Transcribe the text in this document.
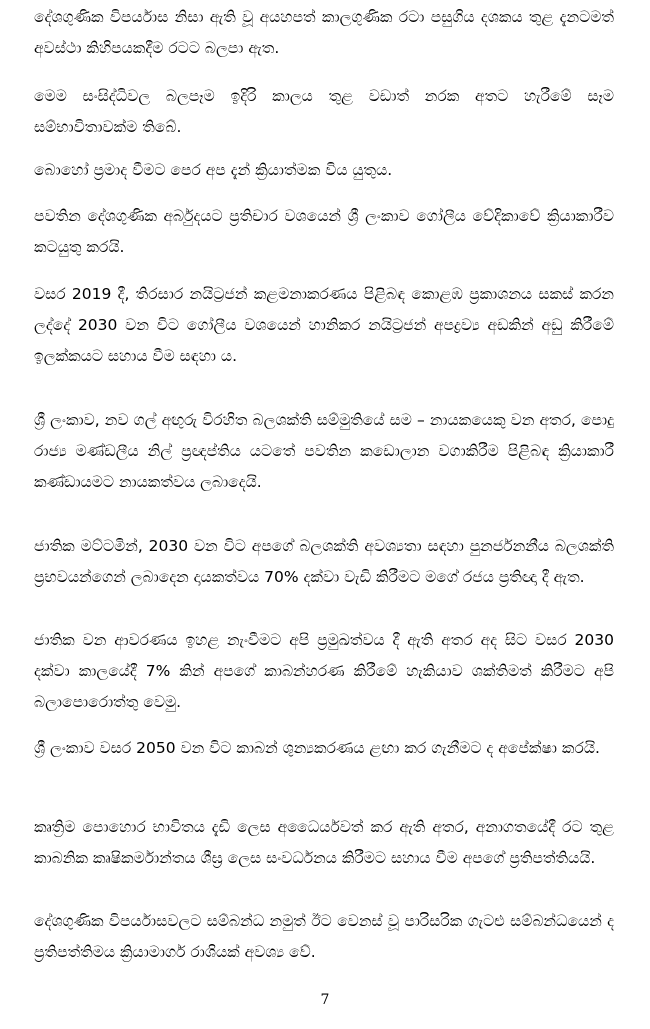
දේශගුණික විපර්යාස නිසා ඇති වූ අයහපත් කාලගුණික රටා පසුගිය දශකය තුළ දැනටමත් අවස්ථා කිහිපයකදීම රටට බලපා ඇත.

මෙම සංසිද්ධිවල බලපෑම ඉදිරි කාලය තුළ වඩාත් නරක අතට හැරීමේ සෑම සම්භාවිතාවක්ම තිබේ.

බොහෝ ප්‍රමාද වීමට පෙර අප දැන් ක්‍රියාත්මක විය යුතුය.

පවතින දේශගුණික අර්බුදයට ප්‍රතිචාර වශයෙන් ශ්‍රී ලංකාව ගෝලීය වේදිකාවේ ක්‍රියාකාරීව කටයුතු කරයි.

වසර 2019 දී, තිරසාර නයිට්‍රජන් කළමනාකරණය පිළිබඳ කොළඹ ප්‍රකාශනය සකස් කරන ලද්දේ 2030 වන විට ගෝලීය වශයෙන් හානිකර නයිට්‍රජන් අපද්‍රව්‍ය අඩකින් අඩු කිරීමේ ඉලක්කයට සහාය වීම සඳහා ය.

ශ්‍රී ලංකාව, නව ගල් අඟුරු විරහිත බලශක්ති සම්මුතියේ සම – නායකයෙකු වන අතර, පොදු රාජ්‍ය මණ්ඩලීය නිල් ප්‍රඥප්තිය යටතේ පවතින කඩොලාන වගාකිරීම පිළිබඳ ක්‍රියාකාරී කණ්ඩායමට නායකත්වය ලබාදෙයි.

ජාතික මට්ටමින්, 2030 වන විට අපගේ බලශක්ති අවශ්‍යතා සඳහා පුනර්ජනනීය බලශක්ති ප්‍රභවයන්ගෙන් ලබාදෙන දායකත්වය 70% දක්වා වැඩි කිරීමට මගේ රජය ප්‍රතිඥා දී ඇත.

ජාතික වන ආවරණය ඉහළ නැංවීමට අපි ප්‍රමුඛත්වය දී ඇති අතර අද සිට වසර 2030 දක්වා කාලයේදී 7% කින් අපගේ කාබන්හරණ කිරීමේ හැකියාව ශක්තිමත් කිරීමට අපි බලාපොරොත්තු වෙමු.

ශ්‍රී ලංකාව වසර 2050 වන විට කාබන් ශුන්‍යකරණය ළඟා කර ගැනීමට ද අපේක්ෂා කරයි.

කෘත්‍රිම පොහොර භාවිතය දැඩි ලෙස අධෛර්යවත් කර ඇති අතර, අනාගතයේදී රට තුළ කාබනික කෘෂිකර්මාන්තය ශීඝ්‍ර ලෙස සංවර්ධනය කිරීමට සහාය වීම අපගේ ප්‍රතිපත්තියයි.

දේශගුණික විපර්යාසවලට සම්බන්ධ නමුත් ඊට වෙනස් වූ පාරිසරික ගැටළු සම්බන්ධයෙන් ද ප්‍රතිපත්තිමය ක්‍රියාමාර්ග රාශියක් අවශ්‍ය වේ.

7
